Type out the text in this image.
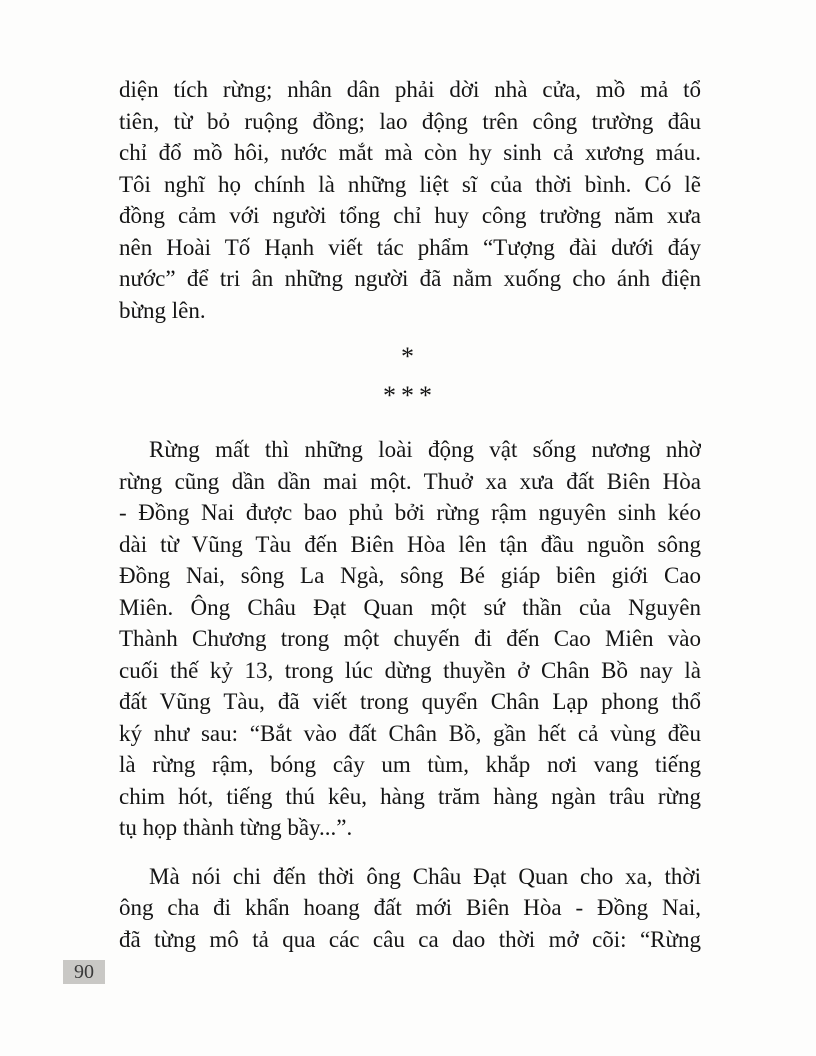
diện tích rừng; nhân dân phải dời nhà cửa, mồ mả tổ
tiên, từ bỏ ruộng đồng; lao động trên công trường đâu
chỉ đổ mồ hôi, nước mắt mà còn hy sinh cả xương máu.
Tôi nghĩ họ chính là những liệt sĩ của thời bình. Có lẽ
đồng cảm với người tổng chỉ huy công trường năm xưa
nên Hoài Tố Hạnh viết tác phẩm “Tượng đài dưới đáy
nước” để tri ân những người đã nằm xuống cho ánh điện
bừng lên.
*
***
Rừng mất thì những loài động vật sống nương nhờ
rừng cũng dần dần mai một. Thuở xa xưa đất Biên Hòa
- Đồng Nai được bao phủ bởi rừng rậm nguyên sinh kéo
dài từ Vũng Tàu đến Biên Hòa lên tận đầu nguồn sông
Đồng Nai, sông La Ngà, sông Bé giáp biên giới Cao
Miên. Ông Châu Đạt Quan một sứ thần của Nguyên
Thành Chương trong một chuyến đi đến Cao Miên vào
cuối thế kỷ 13, trong lúc dừng thuyền ở Chân Bồ nay là
đất Vũng Tàu, đã viết trong quyển Chân Lạp phong thổ
ký như sau: “Bắt vào đất Chân Bồ, gần hết cả vùng đều
là rừng rậm, bóng cây um tùm, khắp nơi vang tiếng
chim hót, tiếng thú kêu, hàng trăm hàng ngàn trâu rừng
tụ họp thành từng bầy...”.
Mà nói chi đến thời ông Châu Đạt Quan cho xa, thời
ông cha đi khẩn hoang đất mới Biên Hòa - Đồng Nai,
đã từng mô tả qua các câu ca dao thời mở cõi: “Rừng
90
